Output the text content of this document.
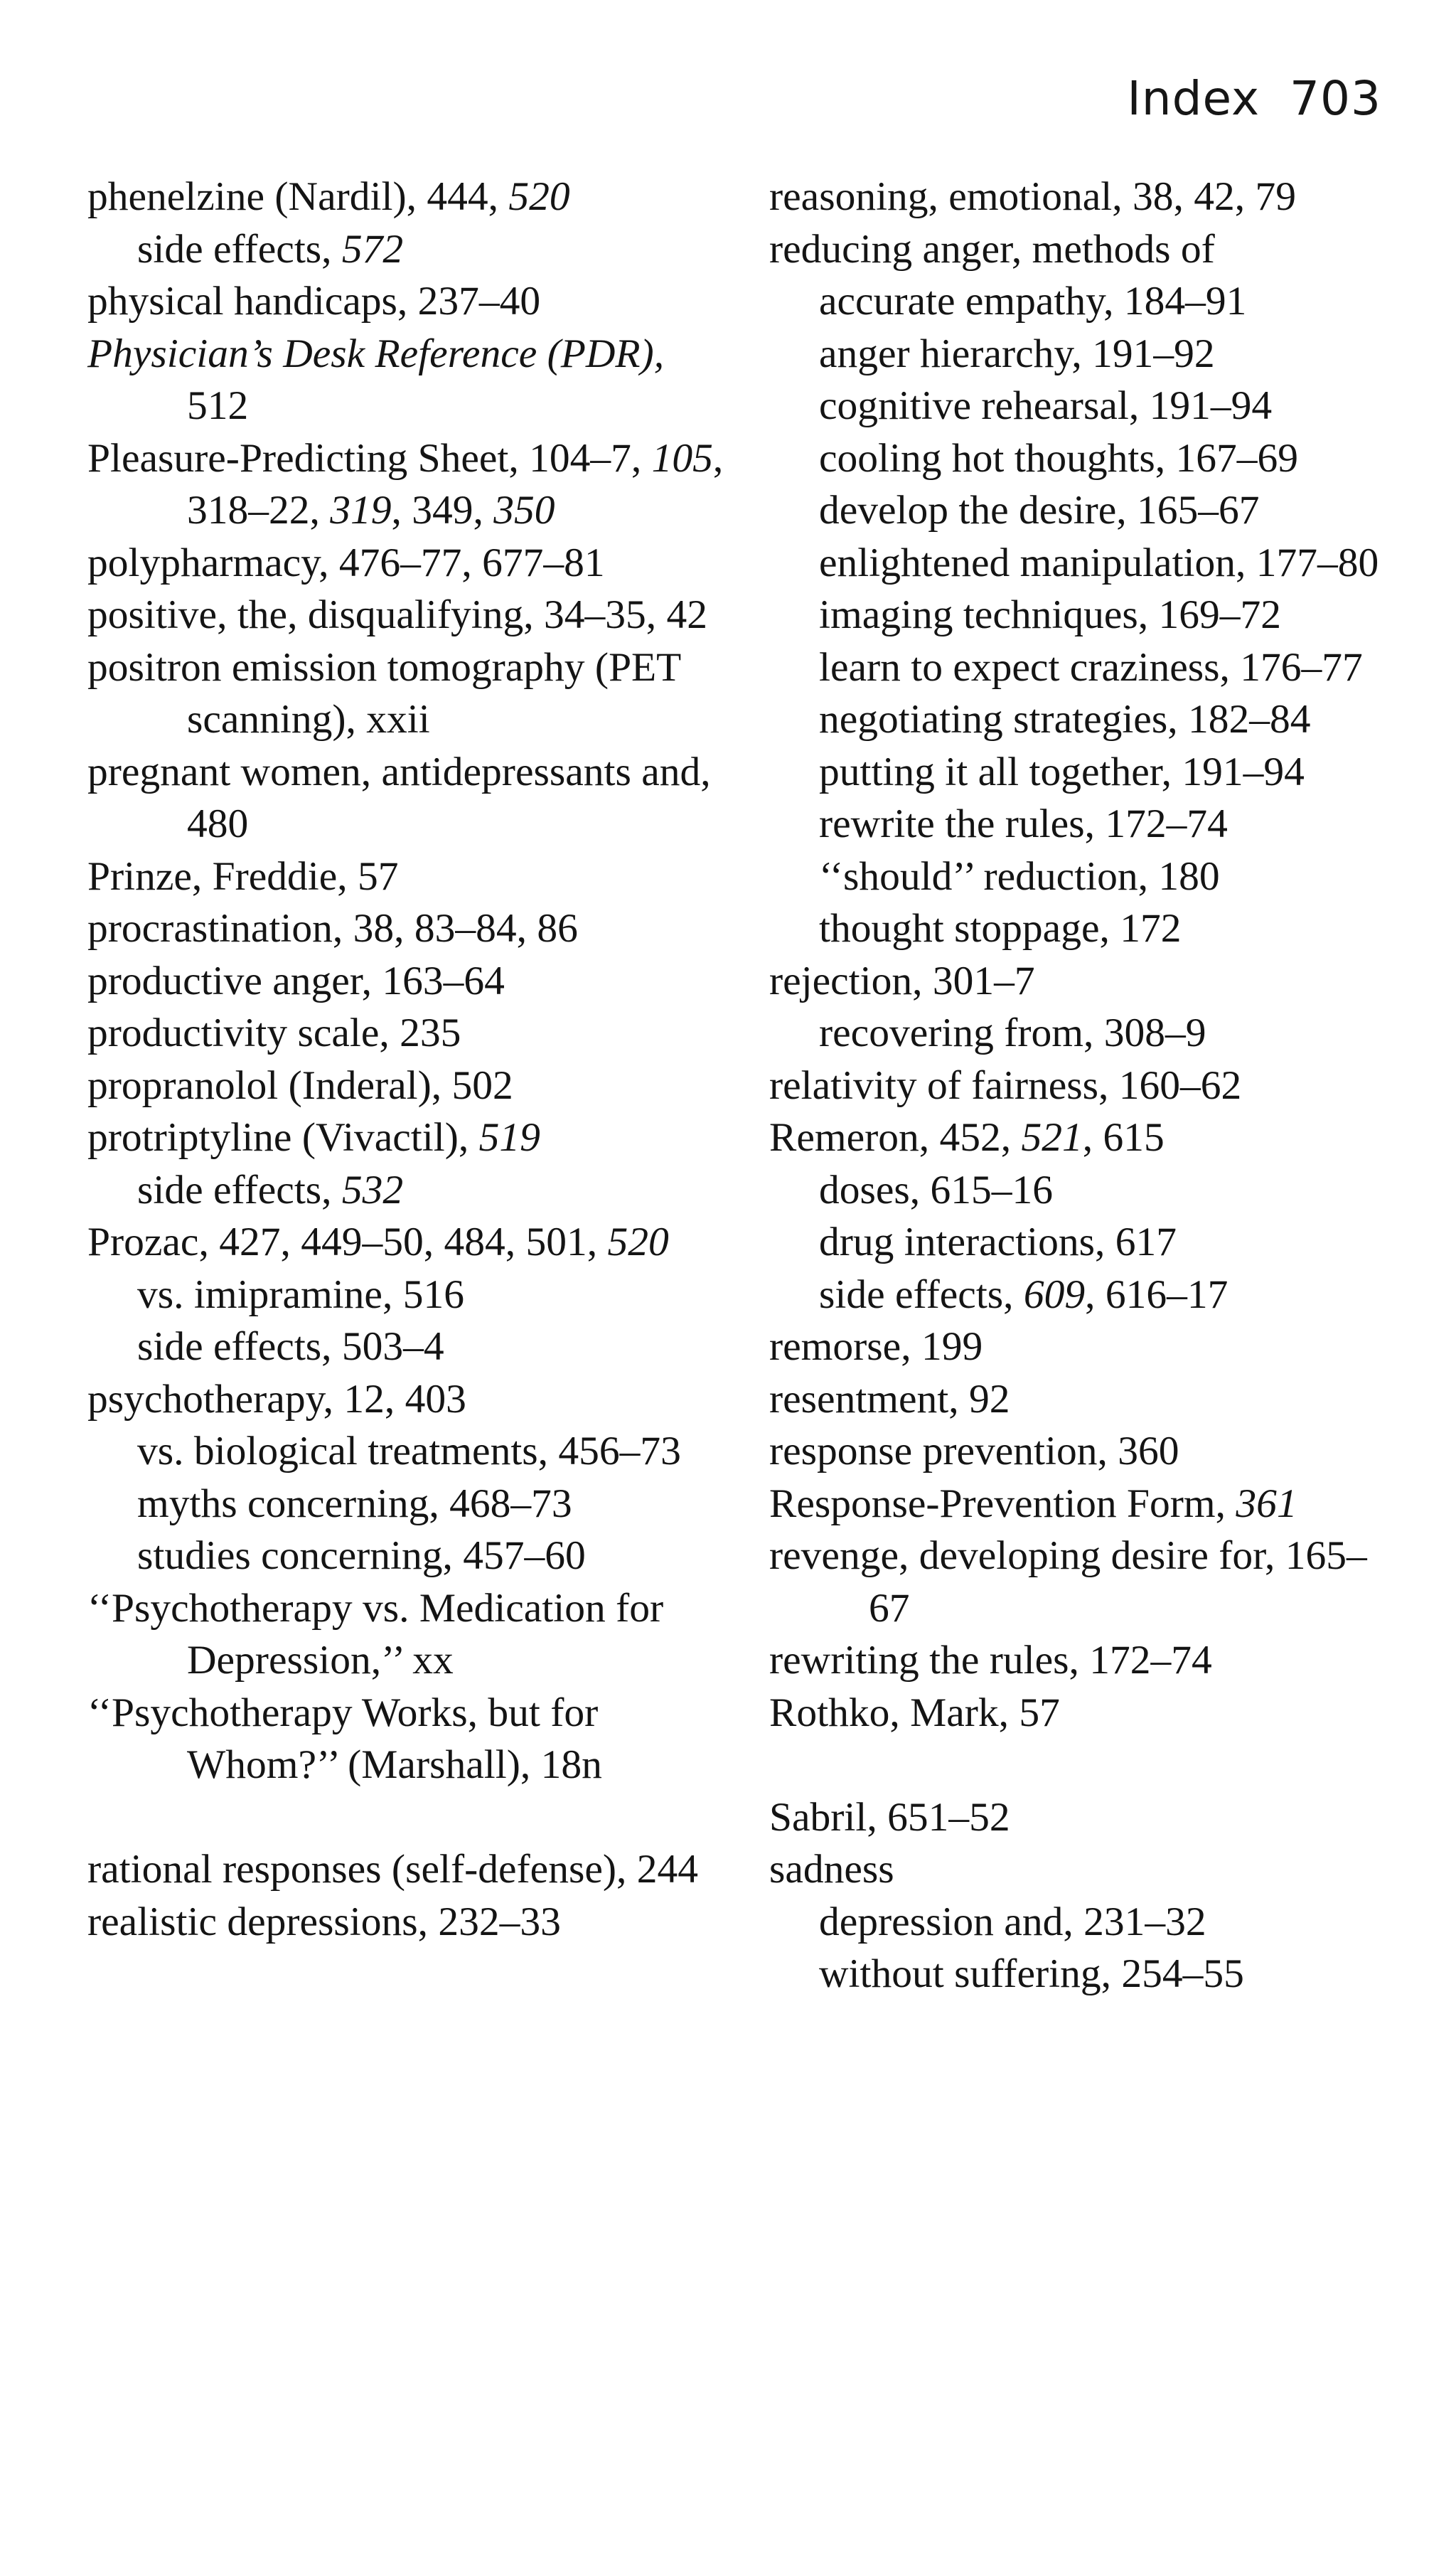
Index 703
phenelzine (Nardil), 444, 520
side effects, 572
physical handicaps, 237–40
Physician’s Desk Reference (PDR), 512
Pleasure-Predicting Sheet, 104–7, 105, 318–22, 319, 349, 350
polypharmacy, 476–77, 677–81
positive, the, disqualifying, 34–35, 42
positron emission tomography (PET scanning), xxii
pregnant women, antidepressants and, 480
Prinze, Freddie, 57
procrastination, 38, 83–84, 86
productive anger, 163–64
productivity scale, 235
propranolol (Inderal), 502
protriptyline (Vivactil), 519
side effects, 532
Prozac, 427, 449–50, 484, 501, 520
vs. imipramine, 516
side effects, 503–4
psychotherapy, 12, 403
vs. biological treatments, 456–73
myths concerning, 468–73
studies concerning, 457–60
‘‘Psychotherapy vs. Medication for Depression,’’ xx
‘‘Psychotherapy Works, but for Whom?’’ (Marshall), 18n
rational responses (self-defense), 244
realistic depressions, 232–33
reasoning, emotional, 38, 42, 79
reducing anger, methods of
accurate empathy, 184–91
anger hierarchy, 191–92
cognitive rehearsal, 191–94
cooling hot thoughts, 167–69
develop the desire, 165–67
enlightened manipulation, 177–80
imaging techniques, 169–72
learn to expect craziness, 176–77
negotiating strategies, 182–84
putting it all together, 191–94
rewrite the rules, 172–74
‘‘should’’ reduction, 180
thought stoppage, 172
rejection, 301–7
recovering from, 308–9
relativity of fairness, 160–62
Remeron, 452, 521, 615
doses, 615–16
drug interactions, 617
side effects, 609, 616–17
remorse, 199
resentment, 92
response prevention, 360
Response-Prevention Form, 361
revenge, developing desire for, 165–67
rewriting the rules, 172–74
Rothko, Mark, 57
Sabril, 651–52
sadness
depression and, 231–32
without suffering, 254–55
